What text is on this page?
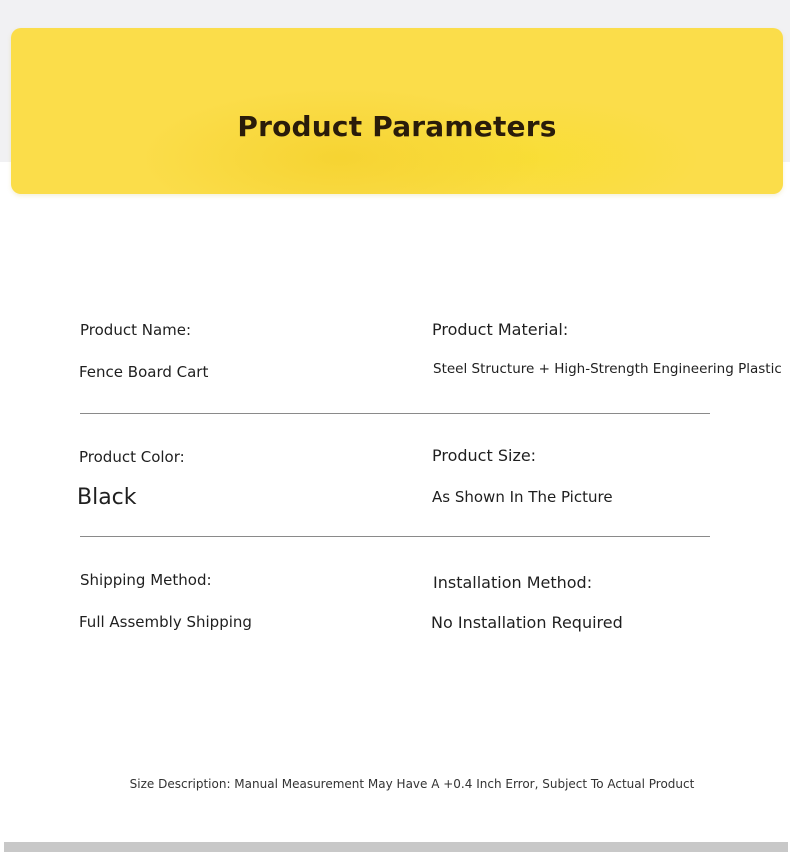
Product Parameters
Product Name:
Fence Board Cart
Product Material:
Steel Structure + High-Strength Engineering Plastic
Product Color:
Black
Product Size:
As Shown In The Picture
Shipping Method:
Full Assembly Shipping
Installation Method:
No Installation Required
Size Description: Manual Measurement May Have A +0.4 Inch Error, Subject To Actual Product
